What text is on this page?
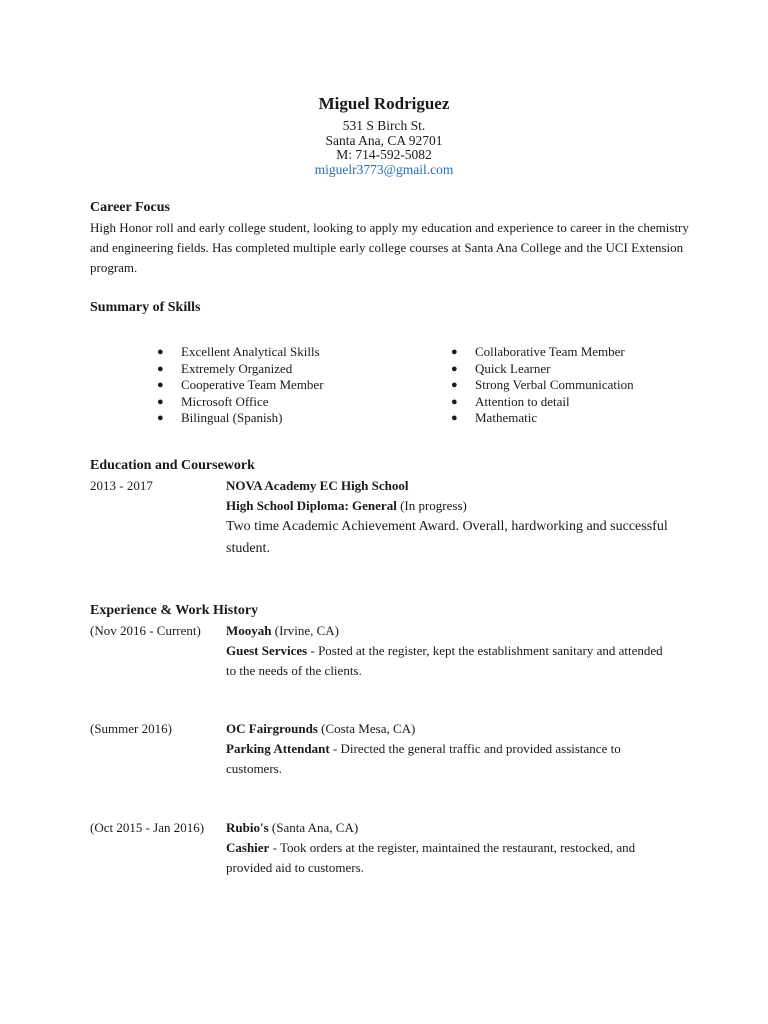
Miguel Rodriguez
531 S Birch St.
Santa Ana, CA 92701
M: 714-592-5082
miguelr3773@gmail.com
Career Focus
High Honor roll and early college student, looking to apply my education and experience to career in the chemistry and engineering fields. Has completed multiple early college courses at Santa Ana College and the UCI Extension program.
Summary of Skills
● Excellent Analytical Skills
● Extremely Organized
● Cooperative Team Member
● Microsoft Office
● Bilingual (Spanish)
● Collaborative Team Member
● Quick Learner
● Strong Verbal Communication
● Attention to detail
● Mathematic
Education and Coursework
2013 - 2017	NOVA Academy EC High School
High School Diploma: General (In progress)
Two time Academic Achievement Award. Overall, hardworking and successful student.
Experience & Work History
(Nov 2016 - Current) Mooyah (Irvine, CA)
Guest Services - Posted at the register, kept the establishment sanitary and attended to the needs of the clients.
(Summer 2016)	OC Fairgrounds (Costa Mesa, CA)
Parking Attendant - Directed the general traffic and provided assistance to customers.
(Oct 2015 - Jan 2016) Rubio's (Santa Ana, CA)
Cashier - Took orders at the register, maintained the restaurant, restocked, and provided aid to customers.
